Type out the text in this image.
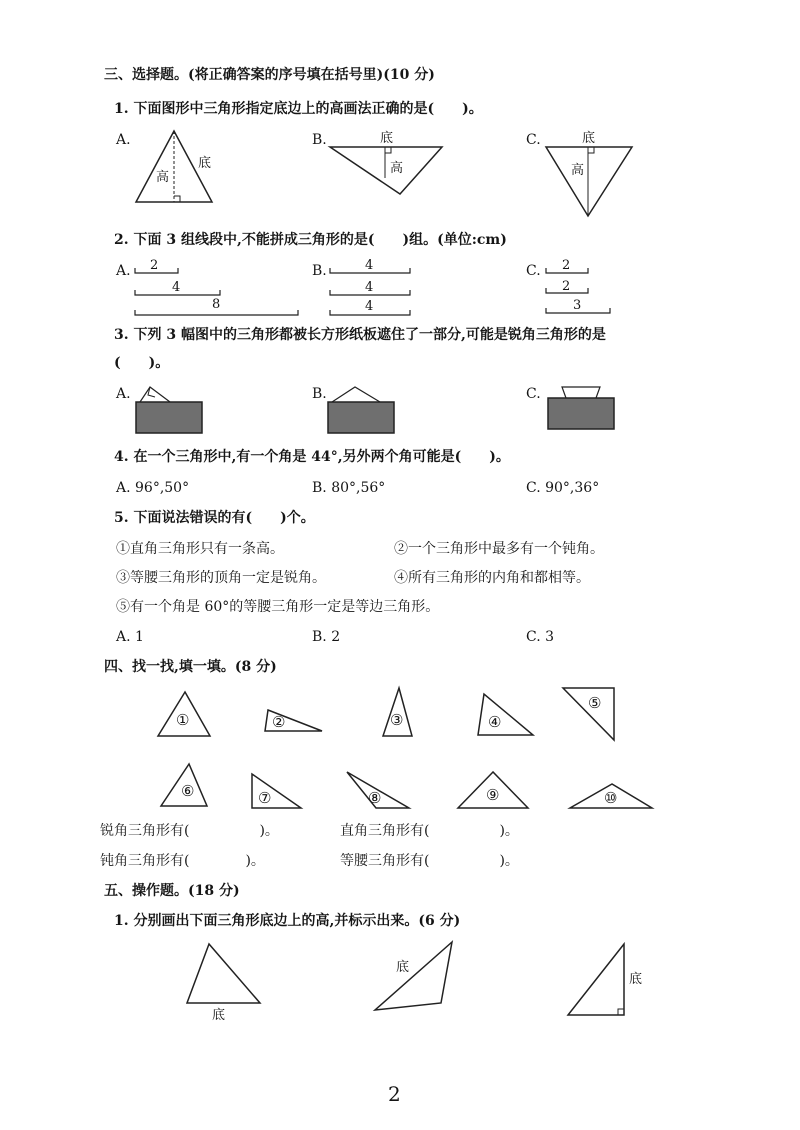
三、选择题。(将正确答案的序号填在括号里)(10 分)
1. 下面图形中三角形指定底边上的高画法正确的是(　　)。
A.	B.	C.
底
高
底
高
底
高
2. 下面 3 组线段中,不能拼成三角形的是(　　)组。(单位:cm)
A.	B.	C.
2
4
8
4
4
4
2
2
3
3. 下列 3 幅图中的三角形都被长方形纸板遮住了一部分,可能是锐角三角形的是
(　　)。
A.	B.	C.
4. 在一个三角形中,有一个角是 44°,另外两个角可能是(　　)。
A. 96°,50°	B. 80°,56°	C. 90°,36°
5. 下面说法错误的有(　　)个。
①直角三角形只有一条高。	②一个三角形中最多有一个钝角。
③等腰三角形的顶角一定是锐角。	④所有三角形的内角和都相等。
⑤有一个角是 60°的等腰三角形一定是等边三角形。
A. 1	B. 2	C. 3
四、找一找,填一填。(8 分)
①	②	③	④
⑤
⑥	⑦	⑧	⑨	⑩
锐角三角形有(　　　　　)。	直角三角形有(　　　　　)。
钝角三角形有(　　　　)。	等腰三角形有(　　　　　)。
五、操作题。(18 分)
1. 分别画出下面三角形底边上的高,并标示出来。(6 分)
底
底
底
2
